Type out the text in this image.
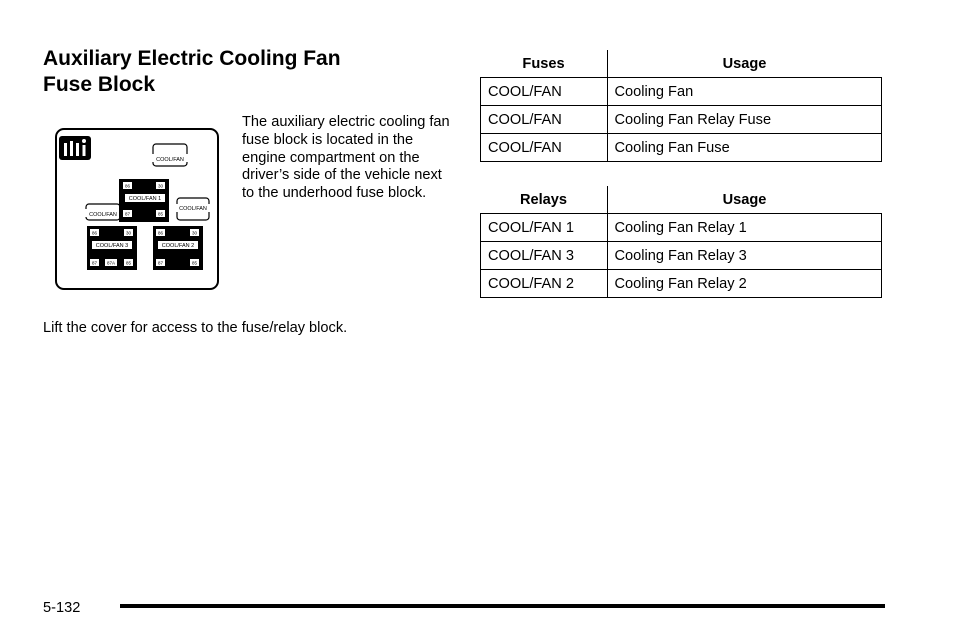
Auxiliary Electric Cooling Fan
Fuse Block

The auxiliary electric cooling fan fuse block is located in the engine compartment on the driver’s side of the vehicle next to the underhood fuse block.

COOL/FAN
COOL/FAN
COOL/FAN
86	30
COOL/FAN 1
87	85
86	30
COOL/FAN 3
87 87A 85
86	30
COOL/FAN 2
87	85

Lift the cover for access to the fuse/relay block.

Fuses	Usage
COOL/FAN	Cooling Fan
COOL/FAN	Cooling Fan Relay Fuse
COOL/FAN	Cooling Fan Fuse
Relays	Usage
COOL/FAN 1	Cooling Fan Relay 1
COOL/FAN 3	Cooling Fan Relay 3
COOL/FAN 2	Cooling Fan Relay 2
5-132
